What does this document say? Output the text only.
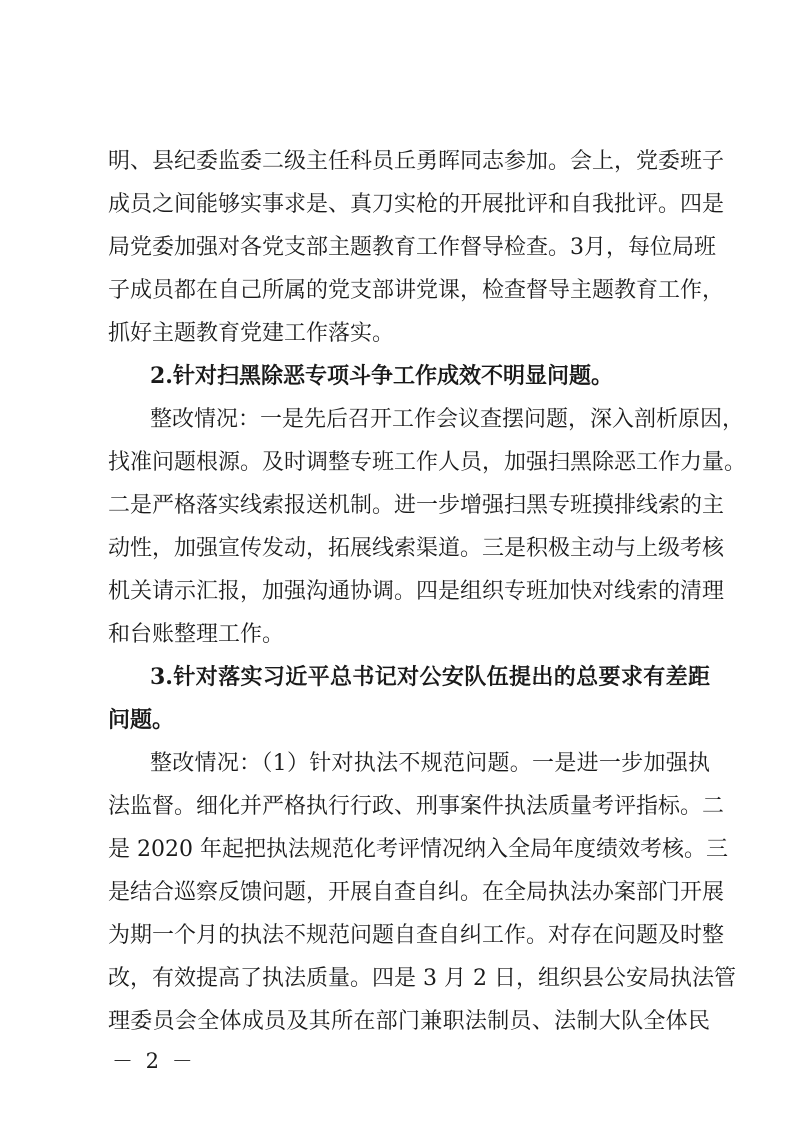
明、县纪委监委二级主任科员丘勇晖同志参加。会上，党委班子
成员之间能够实事求是、真刀实枪的开展批评和自我批评。四是
局党委加强对各党支部主题教育工作督导检查。3月，每位局班
子成员都在自己所属的党支部讲党课，检查督导主题教育工作，
抓好主题教育党建工作落实。
2.针对扫黑除恶专项斗争工作成效不明显问题。
整改情况：一是先后召开工作会议查摆问题，深入剖析原因，
找准问题根源。及时调整专班工作人员，加强扫黑除恶工作力量。
二是严格落实线索报送机制。进一步增强扫黑专班摸排线索的主
动性，加强宣传发动，拓展线索渠道。三是积极主动与上级考核
机关请示汇报，加强沟通协调。四是组织专班加快对线索的清理
和台账整理工作。
3.针对落实习近平总书记对公安队伍提出的总要求有差距
问题。
整改情况：（1）针对执法不规范问题。一是进一步加强执
法监督。细化并严格执行行政、刑事案件执法质量考评指标。二
是 2020 年起把执法规范化考评情况纳入全局年度绩效考核。三
是结合巡察反馈问题，开展自查自纠。在全局执法办案部门开展
为期一个月的执法不规范问题自查自纠工作。对存在问题及时整
改，有效提高了执法质量。四是 3 月 2 日，组织县公安局执法管
理委员会全体成员及其所在部门兼职法制员、法制大队全体民
－ 2 －
